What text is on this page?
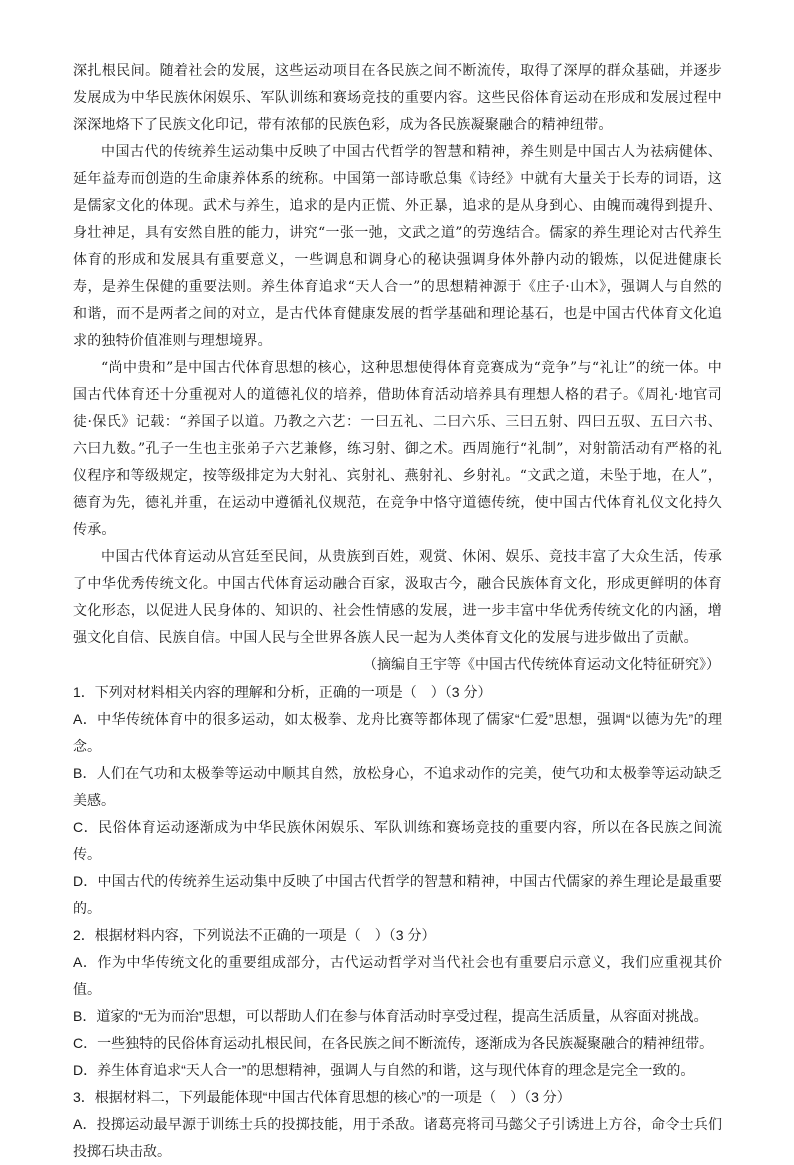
深扎根民间。随着社会的发展，这些运动项目在各民族之间不断流传，取得了深厚的群众基础，并逐步发展成为中华民族休闲娱乐、军队训练和赛场竞技的重要内容。这些民俗体育运动在形成和发展过程中深深地烙下了民族文化印记，带有浓郁的民族色彩，成为各民族凝聚融合的精神纽带。

中国古代的传统养生运动集中反映了中国古代哲学的智慧和精神，养生则是中国古人为祛病健体、延年益寿而创造的生命康养体系的统称。中国第一部诗歌总集《诗经》中就有大量关于长寿的词语，这是儒家文化的体现。武术与养生，追求的是内正慌、外正暴，追求的是从身到心、由魄而魂得到提升、身壮神足，具有安然自胜的能力，讲究“一张一弛，文武之道”的劳逸结合。儒家的养生理论对古代养生体育的形成和发展具有重要意义，一些调息和调身心的秘诀强调身体外静内动的锻炼，以促进健康长寿，是养生保健的重要法则。养生体育追求“天人合一”的思想精神源于《庄子·山木》，强调人与自然的和谐，而不是两者之间的对立，是古代体育健康发展的哲学基础和理论基石，也是中国古代体育文化追求的独特价值准则与理想境界。

“尚中贵和”是中国古代体育思想的核心，这种思想使得体育竞赛成为“竞争”与“礼让”的统一体。中国古代体育还十分重视对人的道德礼仪的培养，借助体育活动培养具有理想人格的君子。《周礼·地官司徒·保氏》记载：“养国子以道。乃教之六艺：一曰五礼、二曰六乐、三曰五射、四曰五驭、五曰六书、六曰九数。”孔子一生也主张弟子六艺兼修，练习射、御之术。西周施行“礼制”，对射箭活动有严格的礼仪程序和等级规定，按等级排定为大射礼、宾射礼、燕射礼、乡射礼。“文武之道，未坠于地，在人”，德育为先，德礼并重，在运动中遵循礼仪规范，在竞争中恪守道德传统，使中国古代体育礼仪文化持久传承。

中国古代体育运动从宫廷至民间，从贵族到百姓，观赏、休闲、娱乐、竞技丰富了大众生活，传承了中华优秀传统文化。中国古代体育运动融合百家，汲取古今，融合民族体育文化，形成更鲜明的体育文化形态，以促进人民身体的、知识的、社会性情感的发展，进一步丰富中华优秀传统文化的内涵，增强文化自信、民族自信。中国人民与全世界各族人民一起为人类体育文化的发展与进步做出了贡献。

（摘编自王宇等《中国古代传统体育运动文化特征研究》）

1．下列对材料相关内容的理解和分析，正确的一项是（　）（3 分）

A．中华传统体育中的很多运动，如太极拳、龙舟比赛等都体现了儒家“仁爱”思想，强调“以德为先”的理念。

B．人们在气功和太极拳等运动中顺其自然，放松身心，不追求动作的完美，使气功和太极拳等运动缺乏美感。

C．民俗体育运动逐渐成为中华民族休闲娱乐、军队训练和赛场竞技的重要内容，所以在各民族之间流传。

D．中国古代的传统养生运动集中反映了中国古代哲学的智慧和精神，中国古代儒家的养生理论是最重要的。

2．根据材料内容，下列说法不正确的一项是（　）（3 分）

A．作为中华传统文化的重要组成部分，古代运动哲学对当代社会也有重要启示意义，我们应重视其价值。

B．道家的“无为而治”思想，可以帮助人们在参与体育活动时享受过程，提高生活质量，从容面对挑战。

C．一些独特的民俗体育运动扎根民间，在各民族之间不断流传，逐渐成为各民族凝聚融合的精神纽带。

D．养生体育追求“天人合一”的思想精神，强调人与自然的和谐，这与现代体育的理念是完全一致的。

3．根据材料二，下列最能体现“中国古代体育思想的核心”的一项是（　）（3 分）

A．投掷运动最早源于训练士兵的投掷技能，用于杀敌。诸葛亮将司马懿父子引诱进上方谷，命令士兵们投掷石块击敌。
